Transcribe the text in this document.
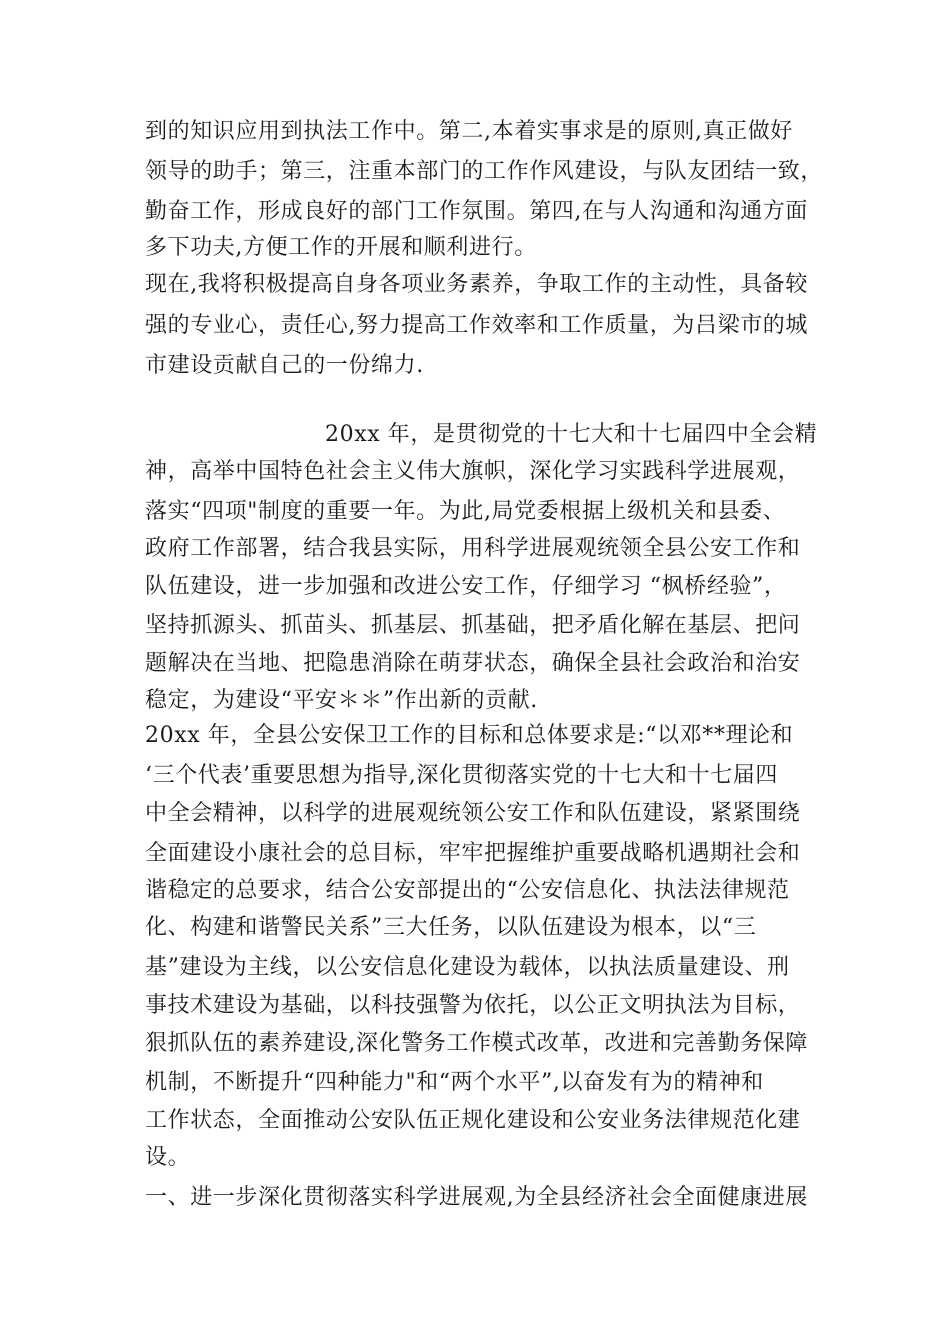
到的知识应用到执法工作中。第二,本着实事求是的原则,真正做好
领导的助手；第三，注重本部门的工作作风建设，与队友团结一致，
勤奋工作，形成良好的部门工作氛围。第四,在与人沟通和沟通方面
多下功夫,方便工作的开展和顺利进行。
现在,我将积极提高自身各项业务素养，争取工作的主动性，具备较
强的专业心，责任心,努力提高工作效率和工作质量，为吕梁市的城
市建设贡献自己的一份绵力.
20xx 年，是贯彻党的十七大和十七届四中全会精
神，高举中国特色社会主义伟大旗帜，深化学习实践科学进展观，
落实“四项"制度的重要一年。为此,局党委根据上级机关和县委、
政府工作部署，结合我县实际，用科学进展观统领全县公安工作和
队伍建设，进一步加强和改进公安工作，仔细学习 “枫桥经验”，
坚持抓源头、抓苗头、抓基层、抓基础，把矛盾化解在基层、把问
题解决在当地、把隐患消除在萌芽状态，确保全县社会政治和治安
稳定，为建设“平安＊＊”作出新的贡献.
20xx 年，全县公安保卫工作的目标和总体要求是:“以邓**理论和
‘三个代表’重要思想为指导,深化贯彻落实党的十七大和十七届四
中全会精神，以科学的进展观统领公安工作和队伍建设，紧紧围绕
全面建设小康社会的总目标，牢牢把握维护重要战略机遇期社会和
谐稳定的总要求，结合公安部提出的“公安信息化、执法法律规范
化、构建和谐警民关系”三大任务，以队伍建设为根本，以“三
基”建设为主线，以公安信息化建设为载体，以执法质量建设、刑
事技术建设为基础，以科技强警为依托，以公正文明执法为目标，
狠抓队伍的素养建设,深化警务工作模式改革，改进和完善勤务保障
机制，不断提升“四种能力"和“两个水平”,以奋发有为的精神和
工作状态，全面推动公安队伍正规化建设和公安业务法律规范化建
设。
一、进一步深化贯彻落实科学进展观,为全县经济社会全面健康进展
